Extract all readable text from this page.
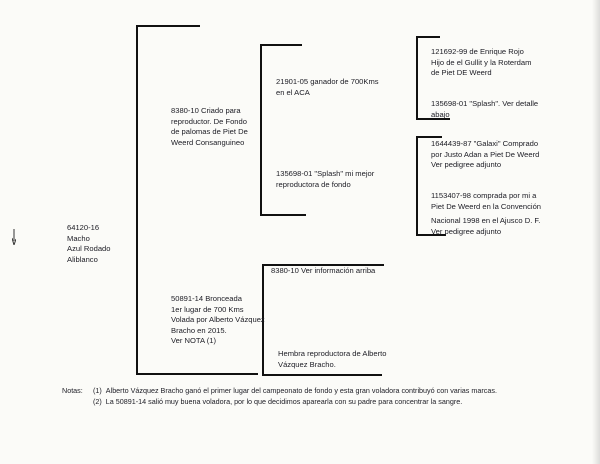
64120-16
Macho
Azul Rodado
Aliblanco
8380-10 Criado para
reproductor. De Fondo
de palomas de Piet De
Weerd Consanguineo
50891-14 Bronceada
1er lugar de 700 Kms
Volada por Alberto Vázquez
Bracho en 2015.
Ver NOTA (1)
21901-05 ganador de 700Kms
en el ACA
135698-01 "Splash" mi mejor
reproductora de fondo
8380-10 Ver información arriba
Hembra reproductora de Alberto
Vázquez Bracho.
121692-99 de Enrique Rojo
Hijo de el Gullit y la Roterdam
de Piet DE Weerd
135698-01 "Splash". Ver detalle
abajo
1644439-87 "Galaxi" Comprado
por Justo Adan a Piet De Weerd
Ver pedigree adjunto
1153407-98 comprada por mi a
Piet De Weerd en la Convención
Nacional 1998 en el Ajusco D. F.
Ver pedigree adjunto
Notas: (1) Alberto Vázquez Bracho ganó el primer lugar del campeonato de fondo y esta gran voladora contribuyó con varias marcas.
(2) La 50891-14 salió muy buena voladora, por lo que decidimos aparearla con su padre para concentrar la sangre.
